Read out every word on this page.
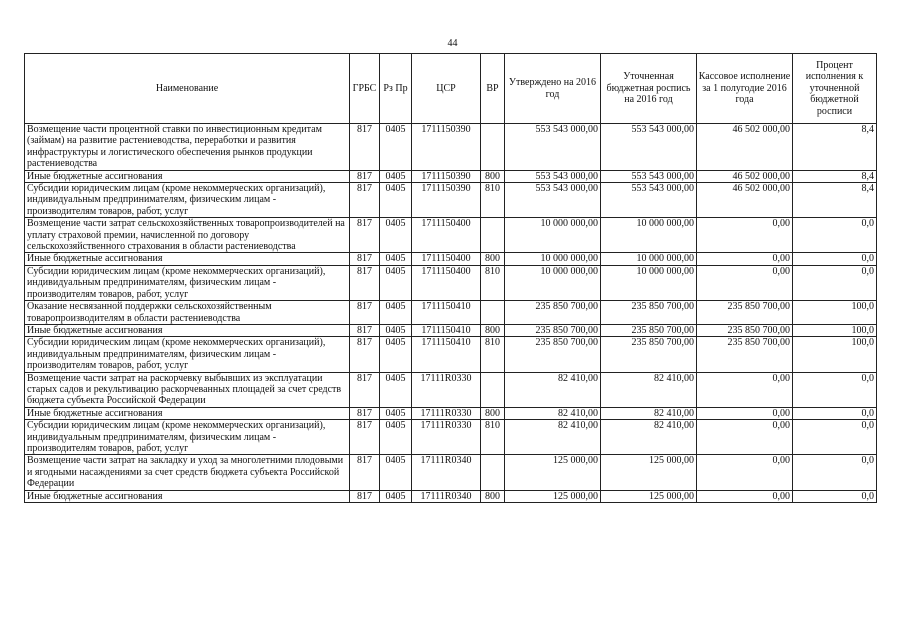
44
Наименование	ГРБС	Рз Пр	ЦСР	ВР	Утверждено на 2016 год	Уточненная бюджетная роспись на 2016 год	Кассовое исполнение за 1 полугодие 2016 года	Процент исполнения к уточненной бюджетной росписи
Возмещение части процентной ставки по инвестиционным кредитам (займам) на развитие растениеводства, переработки и развития инфраструктуры и логистического обеспечения рынков продукции растениеводства	817	0405	1711150390		553 543 000,00	553 543 000,00	46 502 000,00	8,4
Иные бюджетные ассигнования	817	0405	1711150390	800	553 543 000,00	553 543 000,00	46 502 000,00	8,4
Субсидии юридическим лицам (кроме некоммерческих организаций), индивидуальным предпринимателям, физическим лицам - производителям товаров, работ, услуг	817	0405	1711150390	810	553 543 000,00	553 543 000,00	46 502 000,00	8,4
Возмещение части затрат сельскохозяйственных товаропроизводителей на уплату страховой премии, начисленной по договору сельскохозяйственного страхования в области растениеводства	817	0405	1711150400		10 000 000,00	10 000 000,00	0,00	0,0
Иные бюджетные ассигнования	817	0405	1711150400	800	10 000 000,00	10 000 000,00	0,00	0,0
Субсидии юридическим лицам (кроме некоммерческих организаций), индивидуальным предпринимателям, физическим лицам - производителям товаров, работ, услуг	817	0405	1711150400	810	10 000 000,00	10 000 000,00	0,00	0,0
Оказание несвязанной поддержки сельскохозяйственным товаропроизводителям в области растениеводства	817	0405	1711150410		235 850 700,00	235 850 700,00	235 850 700,00	100,0
Иные бюджетные ассигнования	817	0405	1711150410	800	235 850 700,00	235 850 700,00	235 850 700,00	100,0
Субсидии юридическим лицам (кроме некоммерческих организаций), индивидуальным предпринимателям, физическим лицам - производителям товаров, работ, услуг	817	0405	1711150410	810	235 850 700,00	235 850 700,00	235 850 700,00	100,0
Возмещение части затрат на раскорчевку выбывших из эксплуатации старых садов и рекультивацию раскорчеванных площадей за счет средств бюджета субъекта Российской Федерации	817	0405	17111R0330		82 410,00	82 410,00	0,00	0,0
Иные бюджетные ассигнования	817	0405	17111R0330	800	82 410,00	82 410,00	0,00	0,0
Субсидии юридическим лицам (кроме некоммерческих организаций), индивидуальным предпринимателям, физическим лицам - производителям товаров, работ, услуг	817	0405	17111R0330	810	82 410,00	82 410,00	0,00	0,0
Возмещение части затрат на закладку и уход за многолетними плодовыми и ягодными насаждениями за счет средств бюджета субъекта Российской Федерации	817	0405	17111R0340		125 000,00	125 000,00	0,00	0,0
Иные бюджетные ассигнования	817	0405	17111R0340	800	125 000,00	125 000,00	0,00	0,0
